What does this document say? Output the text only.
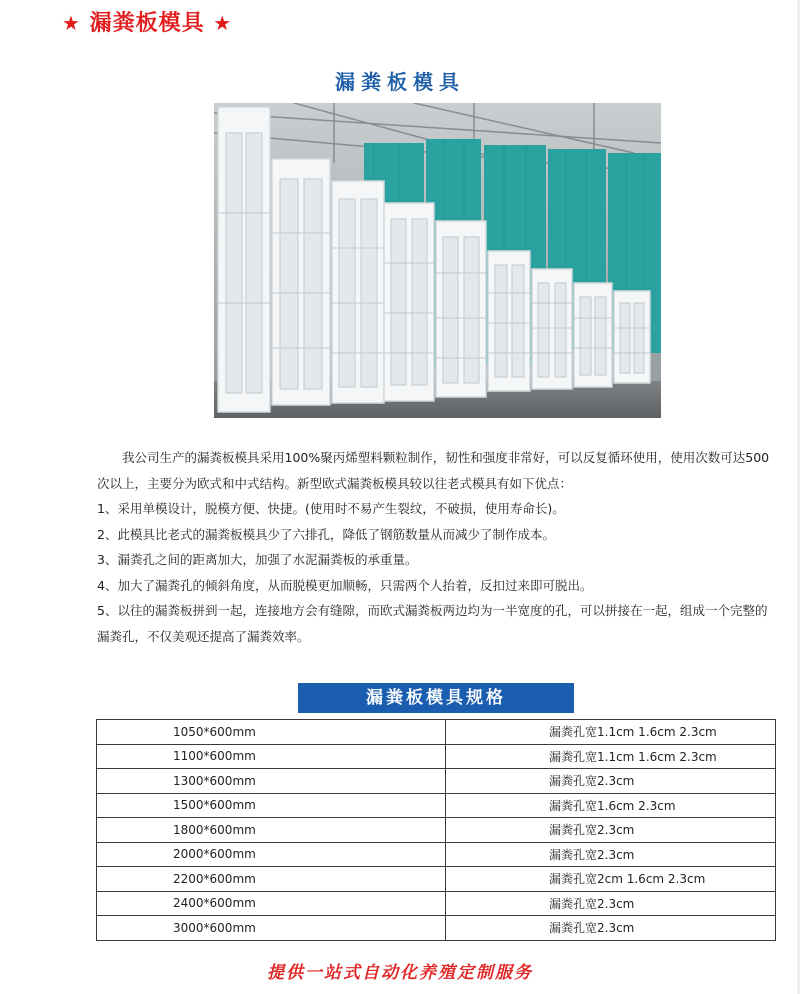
★ 漏粪板模具 ★
漏粪板模具

我公司生产的漏粪板模具采用100%聚丙烯塑料颗粒制作，韧性和强度非常好，可以反复循环使用，使用次数可达500次以上，主要分为欧式和中式结构。新型欧式漏粪板模具较以往老式模具有如下优点：

1、采用单模设计，脱模方便、快捷。(使用时不易产生裂纹，不破损，使用寿命长)。

2、此模具比老式的漏粪板模具少了六排孔，降低了钢筋数量从而减少了制作成本。

3、漏粪孔之间的距离加大，加强了水泥漏粪板的承重量。

4、加大了漏粪孔的倾斜角度，从而脱模更加顺畅，只需两个人抬着，反扣过来即可脱出。

5、以往的漏粪板拼到一起，连接地方会有缝隙，而欧式漏粪板两边均为一半宽度的孔，可以拼接在一起，组成一个完整的漏粪孔，不仅美观还提高了漏粪效率。

漏粪板模具规格
1050*600mm	漏粪孔宽1.1cm 1.6cm 2.3cm
1100*600mm	漏粪孔宽1.1cm 1.6cm 2.3cm
1300*600mm	漏粪孔宽2.3cm
1500*600mm	漏粪孔宽1.6cm 2.3cm
1800*600mm	漏粪孔宽2.3cm
2000*600mm	漏粪孔宽2.3cm
2200*600mm	漏粪孔宽2cm 1.6cm 2.3cm
2400*600mm	漏粪孔宽2.3cm
3000*600mm	漏粪孔宽2.3cm
提供一站式自动化养殖定制服务
